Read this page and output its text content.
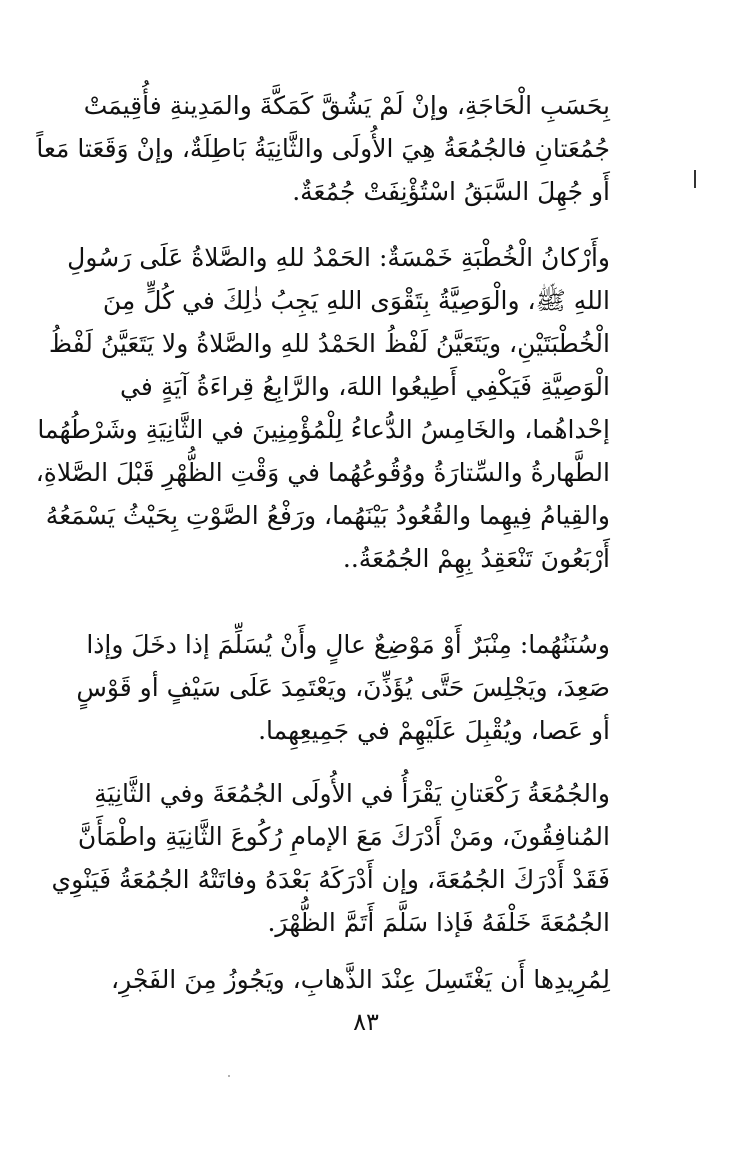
بِحَسَبِ الْحَاجَةِ، وإنْ لَمْ يَشُقَّ كَمَكَّةَ والمَدِينةِ فأُقِيمَتْ
جُمُعَتانِ فالجُمُعَةُ هِيَ الأُولَى والثَّانِيَةُ بَاطِلَةٌ، وإنْ وَقَعَتا مَعاً
أَو جُهِلَ السَّبَقُ اسْتُؤْنِفَتْ جُمُعَةٌ.
وأَرْكانُ الْخُطْبَةِ خَمْسَةٌ: الحَمْدُ للهِ والصَّلاةُ عَلَى رَسُولِ
اللهِ ﷺ، والْوَصِيَّةُ بِتَقْوَى اللهِ يَجِبُ ذٰلِكَ في كُلٍّ مِنَ
الْخُطْبَتَيْنِ، ويَتَعَيَّنُ لَفْظُ الحَمْدُ للهِ والصَّلاةُ ولا يَتَعَيَّنُ لَفْظُ
الْوَصِيَّةِ فَيَكْفِي أَطِيعُوا اللهَ، والرَّابِعُ قِراءَةُ آيَةٍ في
إحْداهُما، والخَامِسُ الدُّعاءُ لِلْمُؤْمِنِينَ في الثَّانِيَةِ وشَرْطُهُما
الطَّهارةُ والسِّتارَةُ ووُقُوعُهُما في وَقْتِ الظُّهْرِ قَبْلَ الصَّلاةِ،
والقِيامُ فِيهِما والقُعُودُ بَيْنَهُما، ورَفْعُ الصَّوْتِ بِحَيْثُ يَسْمَعُهُ
أَرْبَعُونَ تَنْعَقِدُ بِهِمْ الجُمُعَةُ..
وسُنَنُهُما: مِنْبَرٌ أَوْ مَوْضِعٌ عالٍ وأَنْ يُسَلِّمَ إذا دخَلَ وإذا
صَعِدَ، ويَجْلِسَ حَتَّى يُؤَذِّنَ، ويَعْتَمِدَ عَلَى سَيْفٍ أو قَوْسٍ
أو عَصا، ويُقْبِلَ عَلَيْهِمْ في جَمِيعِهِما.
والجُمُعَةُ رَكْعَتانِ يَقْرَأُ في الأُولَى الجُمُعَةَ وفي الثَّانِيَةِ
المُنافِقُونَ، ومَنْ أَدْرَكَ مَعَ الإمامِ رُكُوعَ الثَّانِيَةِ واطْمَأَنَّ
فَقَدْ أَدْرَكَ الجُمُعَةَ، وإن أَدْرَكَهُ بَعْدَهُ وفاتَتْهُ الجُمُعَةُ فَيَنْوِي
الجُمُعَةَ خَلْفَهُ فَإذا سَلَّمَ أَتَمَّ الظُّهْرَ.
لِمُرِيدِها أَن يَغْتَسِلَ عِنْدَ الذَّهابِ، ويَجُوزُ مِنَ الفَجْرِ،
٨٣
